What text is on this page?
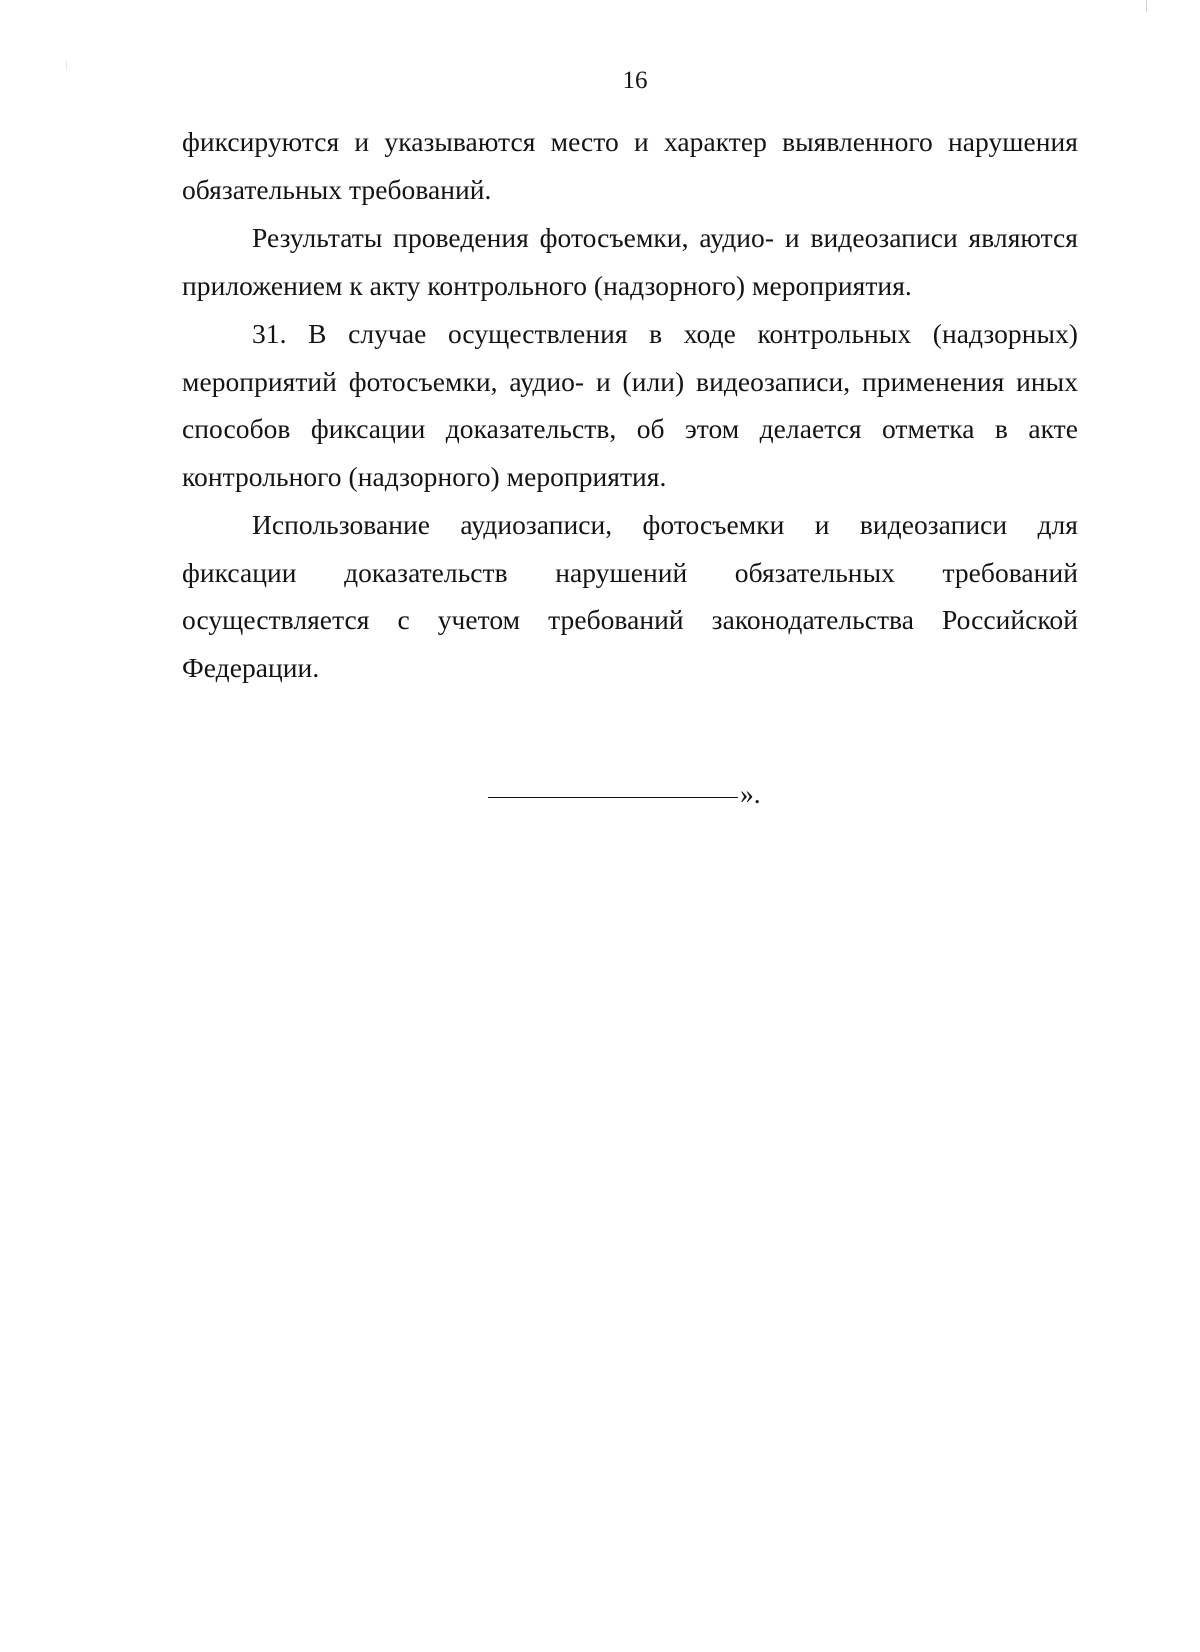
16

фиксируются и указываются место и характер выявленного нарушения обязательных требований.

Результаты проведения фотосъемки, аудио- и видеозаписи являются приложением к акту контрольного (надзорного) мероприятия.

31. В случае осуществления в ходе контрольных (надзорных) мероприятий фотосъемки, аудио- и (или) видеозаписи, применения иных способов фиксации доказательств, об этом делается отметка в акте контрольного (надзорного) мероприятия.

Использование аудиозаписи, фотосъемки и видеозаписи для фиксации доказательств нарушений обязательных требований осуществляется с учетом требований законодательства Российской Федерации.

».
